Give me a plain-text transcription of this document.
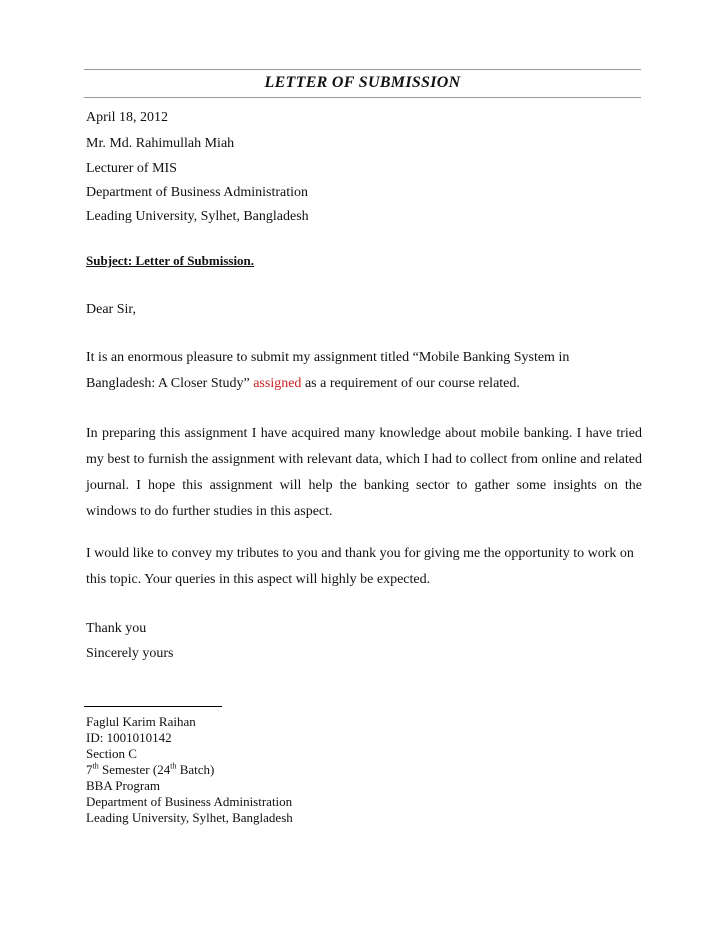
LETTER OF SUBMISSION
April 18, 2012
Mr. Md. Rahimullah Miah
Lecturer of MIS
Department of Business Administration
Leading University, Sylhet, Bangladesh
Subject: Letter of Submission.
Dear Sir,
It is an enormous pleasure to submit my assignment titled “Mobile Banking System in Bangladesh: A Closer Study” assigned as a requirement of our course related.
In preparing this assignment I have acquired many knowledge about mobile banking. I have tried my best to furnish the assignment with relevant data, which I had to collect from online and related journal. I hope this assignment will help the banking sector to gather some insights on the windows to do further studies in this aspect.
I would like to convey my tributes to you and thank you for giving me the opportunity to work on this topic. Your queries in this aspect will highly be expected.
Thank you
Sincerely yours
Faglul Karim Raihan
ID: 1001010142
Section C
7th Semester (24th Batch)
BBA Program
Department of Business Administration
Leading University, Sylhet, Bangladesh
